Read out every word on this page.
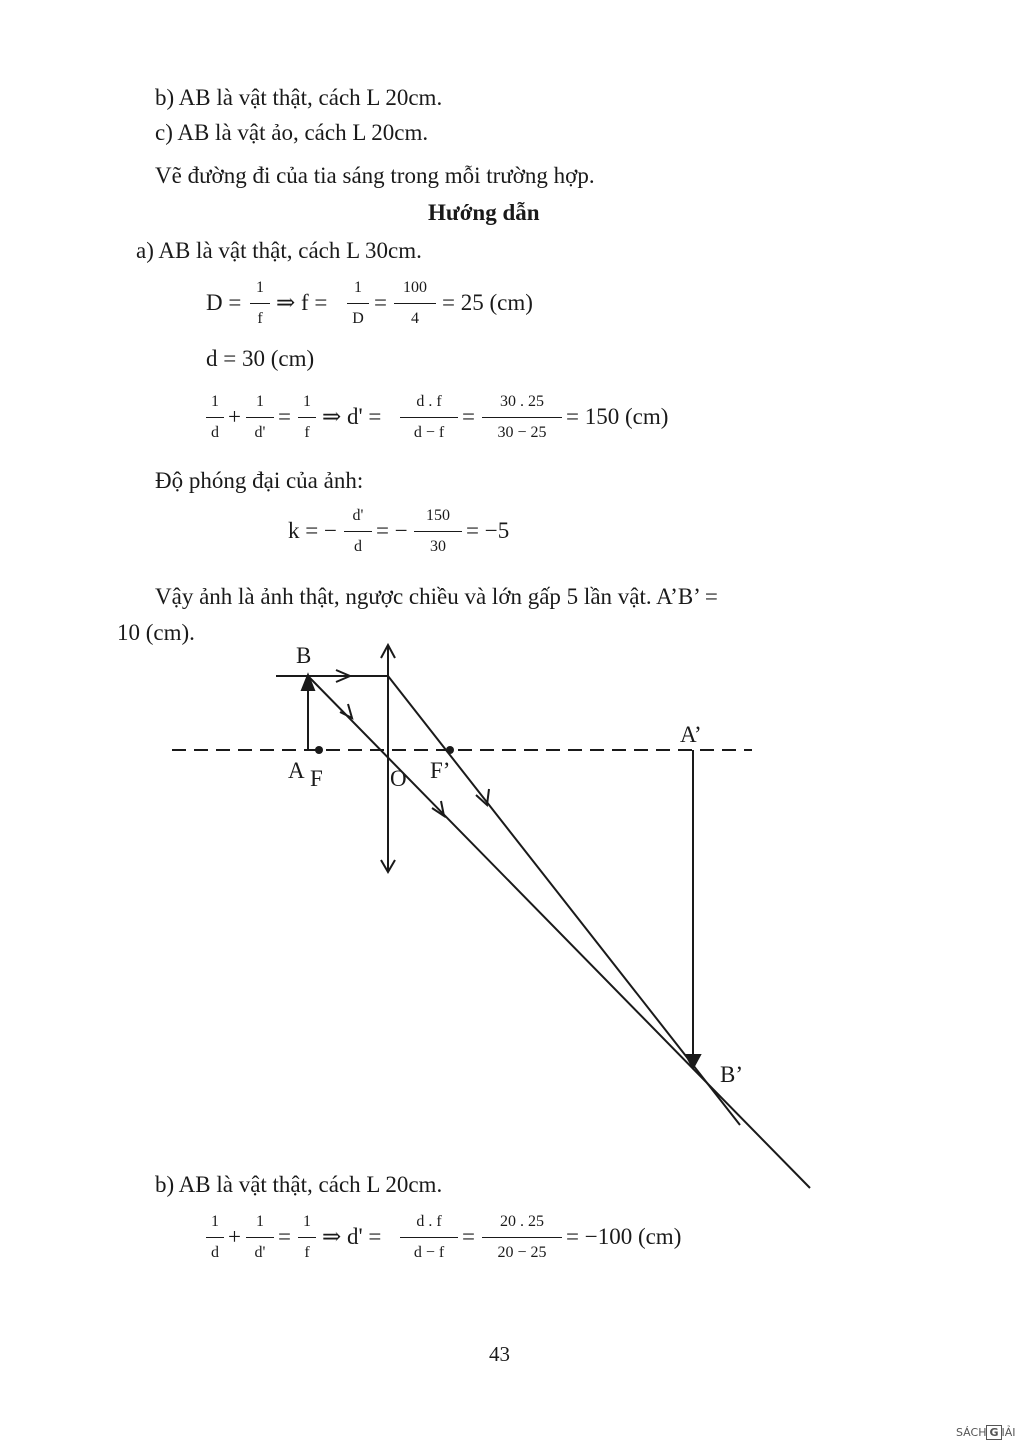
b) AB là vật thật, cách L 20cm.
c) AB là vật ảo, cách L 20cm.
Vẽ đường đi của tia sáng trong mỗi trường hợp.
Hướng dẫn
a) AB là vật thật, cách L 30cm.
D =
1
f
⇒ f =
1
D
=
100
4
= 25 (cm)
d = 30 (cm)
1
d
+
1
d'
=
1
f
⇒ d' =
d . f
d − f
=
30 . 25
30 − 25
= 150 (cm)
Độ phóng đại của ảnh:
k = −
d'
d
= −
150
30
= −5
Vậy ảnh là ảnh thật, ngược chiều và lớn gấp 5 lần vật. A’B’ =
10 (cm).
B
A F	O F’
A’
B’
b) AB là vật thật, cách L 20cm.
1
d
+
1
d'
=
1
f
⇒ d' =
d . f
d − f
=
20 . 25
20 − 25
= −100 (cm)
43
SÁCH G IẢI
